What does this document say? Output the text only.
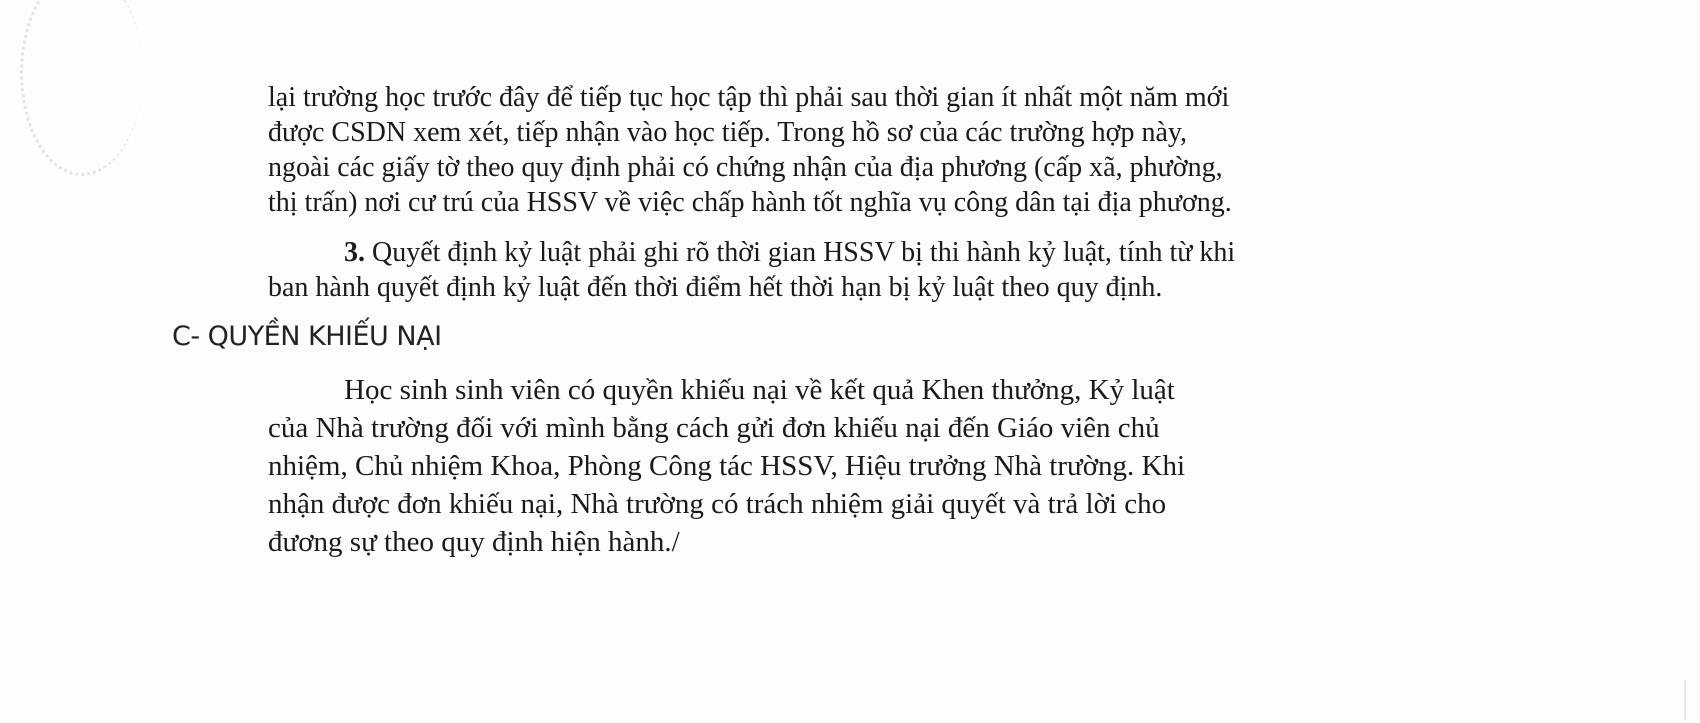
lại trường học trước đây để tiếp tục học tập thì phải sau thời gian ít nhất một năm mới
được CSDN xem xét, tiếp nhận vào học tiếp. Trong hồ sơ của các trường hợp này,
ngoài các giấy tờ theo quy định phải có chứng nhận của địa phương (cấp xã, phường,
thị trấn) nơi cư trú của HSSV về việc chấp hành tốt nghĩa vụ công dân tại địa phương.

3. Quyết định kỷ luật phải ghi rõ thời gian HSSV bị thi hành kỷ luật, tính từ khi
ban hành quyết định kỷ luật đến thời điểm hết thời hạn bị kỷ luật theo quy định.

C- QUYỀN KHIẾU NẠI

Học sinh sinh viên có quyền khiếu nại về kết quả Khen thưởng, Kỷ luật
của Nhà trường đối với mình bằng cách gửi đơn khiếu nại đến Giáo viên chủ
nhiệm, Chủ nhiệm Khoa, Phòng Công tác HSSV, Hiệu trưởng Nhà trường. Khi
nhận được đơn khiếu nại, Nhà trường có trách nhiệm giải quyết và trả lời cho
đương sự theo quy định hiện hành./
